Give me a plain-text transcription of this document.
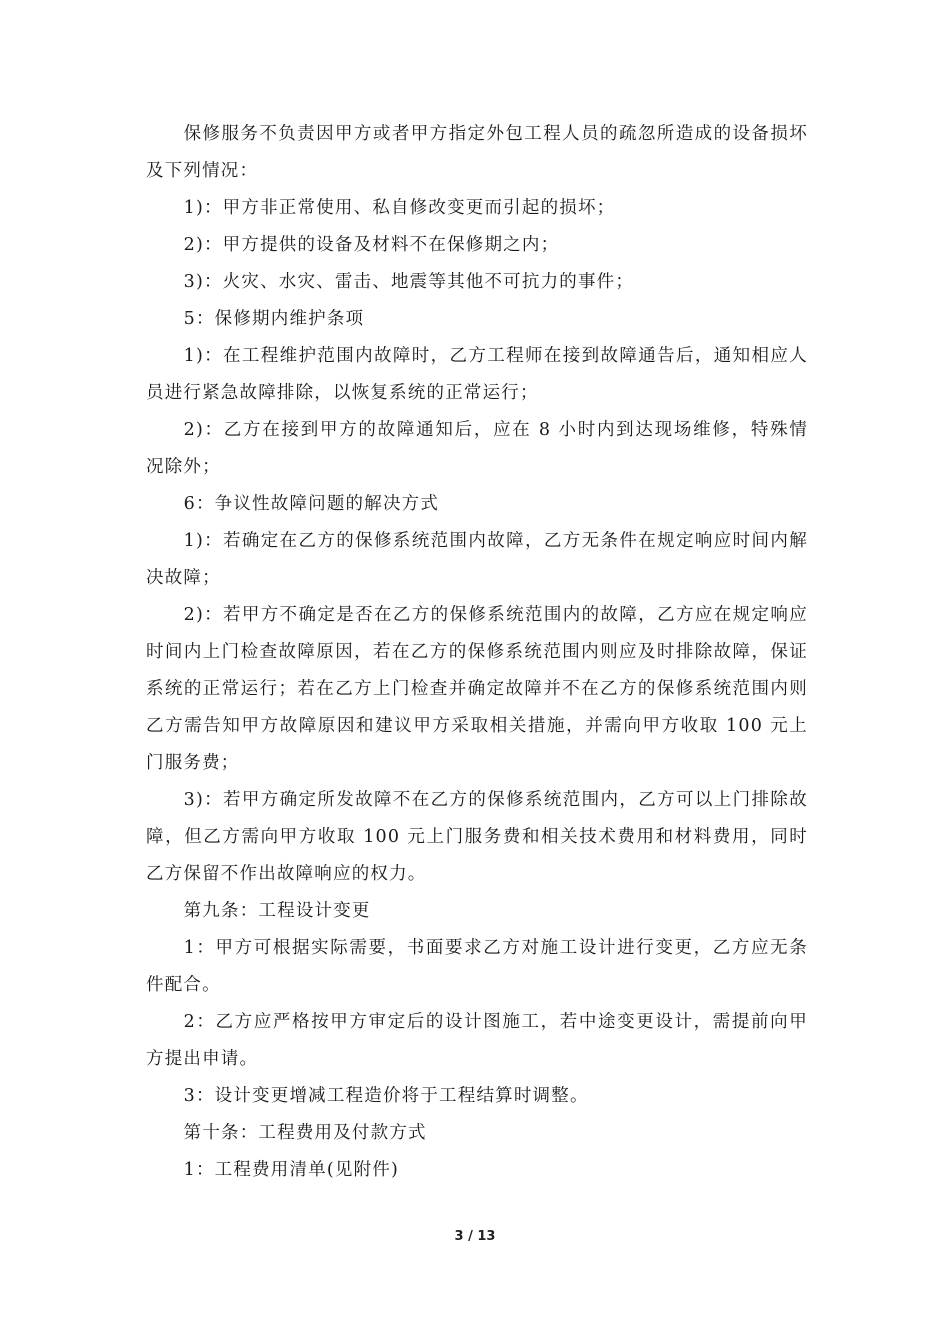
保修服务不负责因甲方或者甲方指定外包工程人员的疏忽所造成的设备损坏及下列情况：

1)：甲方非正常使用、私自修改变更而引起的损坏；

2)：甲方提供的设备及材料不在保修期之内；

3)：火灾、水灾、雷击、地震等其他不可抗力的事件；

5：保修期内维护条项

1)：在工程维护范围内故障时，乙方工程师在接到故障通告后，通知相应人员进行紧急故障排除，以恢复系统的正常运行；

2)：乙方在接到甲方的故障通知后，应在 8 小时内到达现场维修，特殊情况除外；

6：争议性故障问题的解决方式

1)：若确定在乙方的保修系统范围内故障，乙方无条件在规定响应时间内解决故障；

2)：若甲方不确定是否在乙方的保修系统范围内的故障，乙方应在规定响应时间内上门检查故障原因，若在乙方的保修系统范围内则应及时排除故障，保证系统的正常运行；若在乙方上门检查并确定故障并不在乙方的保修系统范围内则乙方需告知甲方故障原因和建议甲方采取相关措施，并需向甲方收取 100 元上门服务费；

3)：若甲方确定所发故障不在乙方的保修系统范围内，乙方可以上门排除故障，但乙方需向甲方收取 100 元上门服务费和相关技术费用和材料费用，同时乙方保留不作出故障响应的权力。

第九条：工程设计变更

1：甲方可根据实际需要，书面要求乙方对施工设计进行变更，乙方应无条件配合。

2：乙方应严格按甲方审定后的设计图施工，若中途变更设计，需提前向甲方提出申请。

3：设计变更增减工程造价将于工程结算时调整。

第十条：工程费用及付款方式

1：工程费用清单(见附件)

3 / 13
